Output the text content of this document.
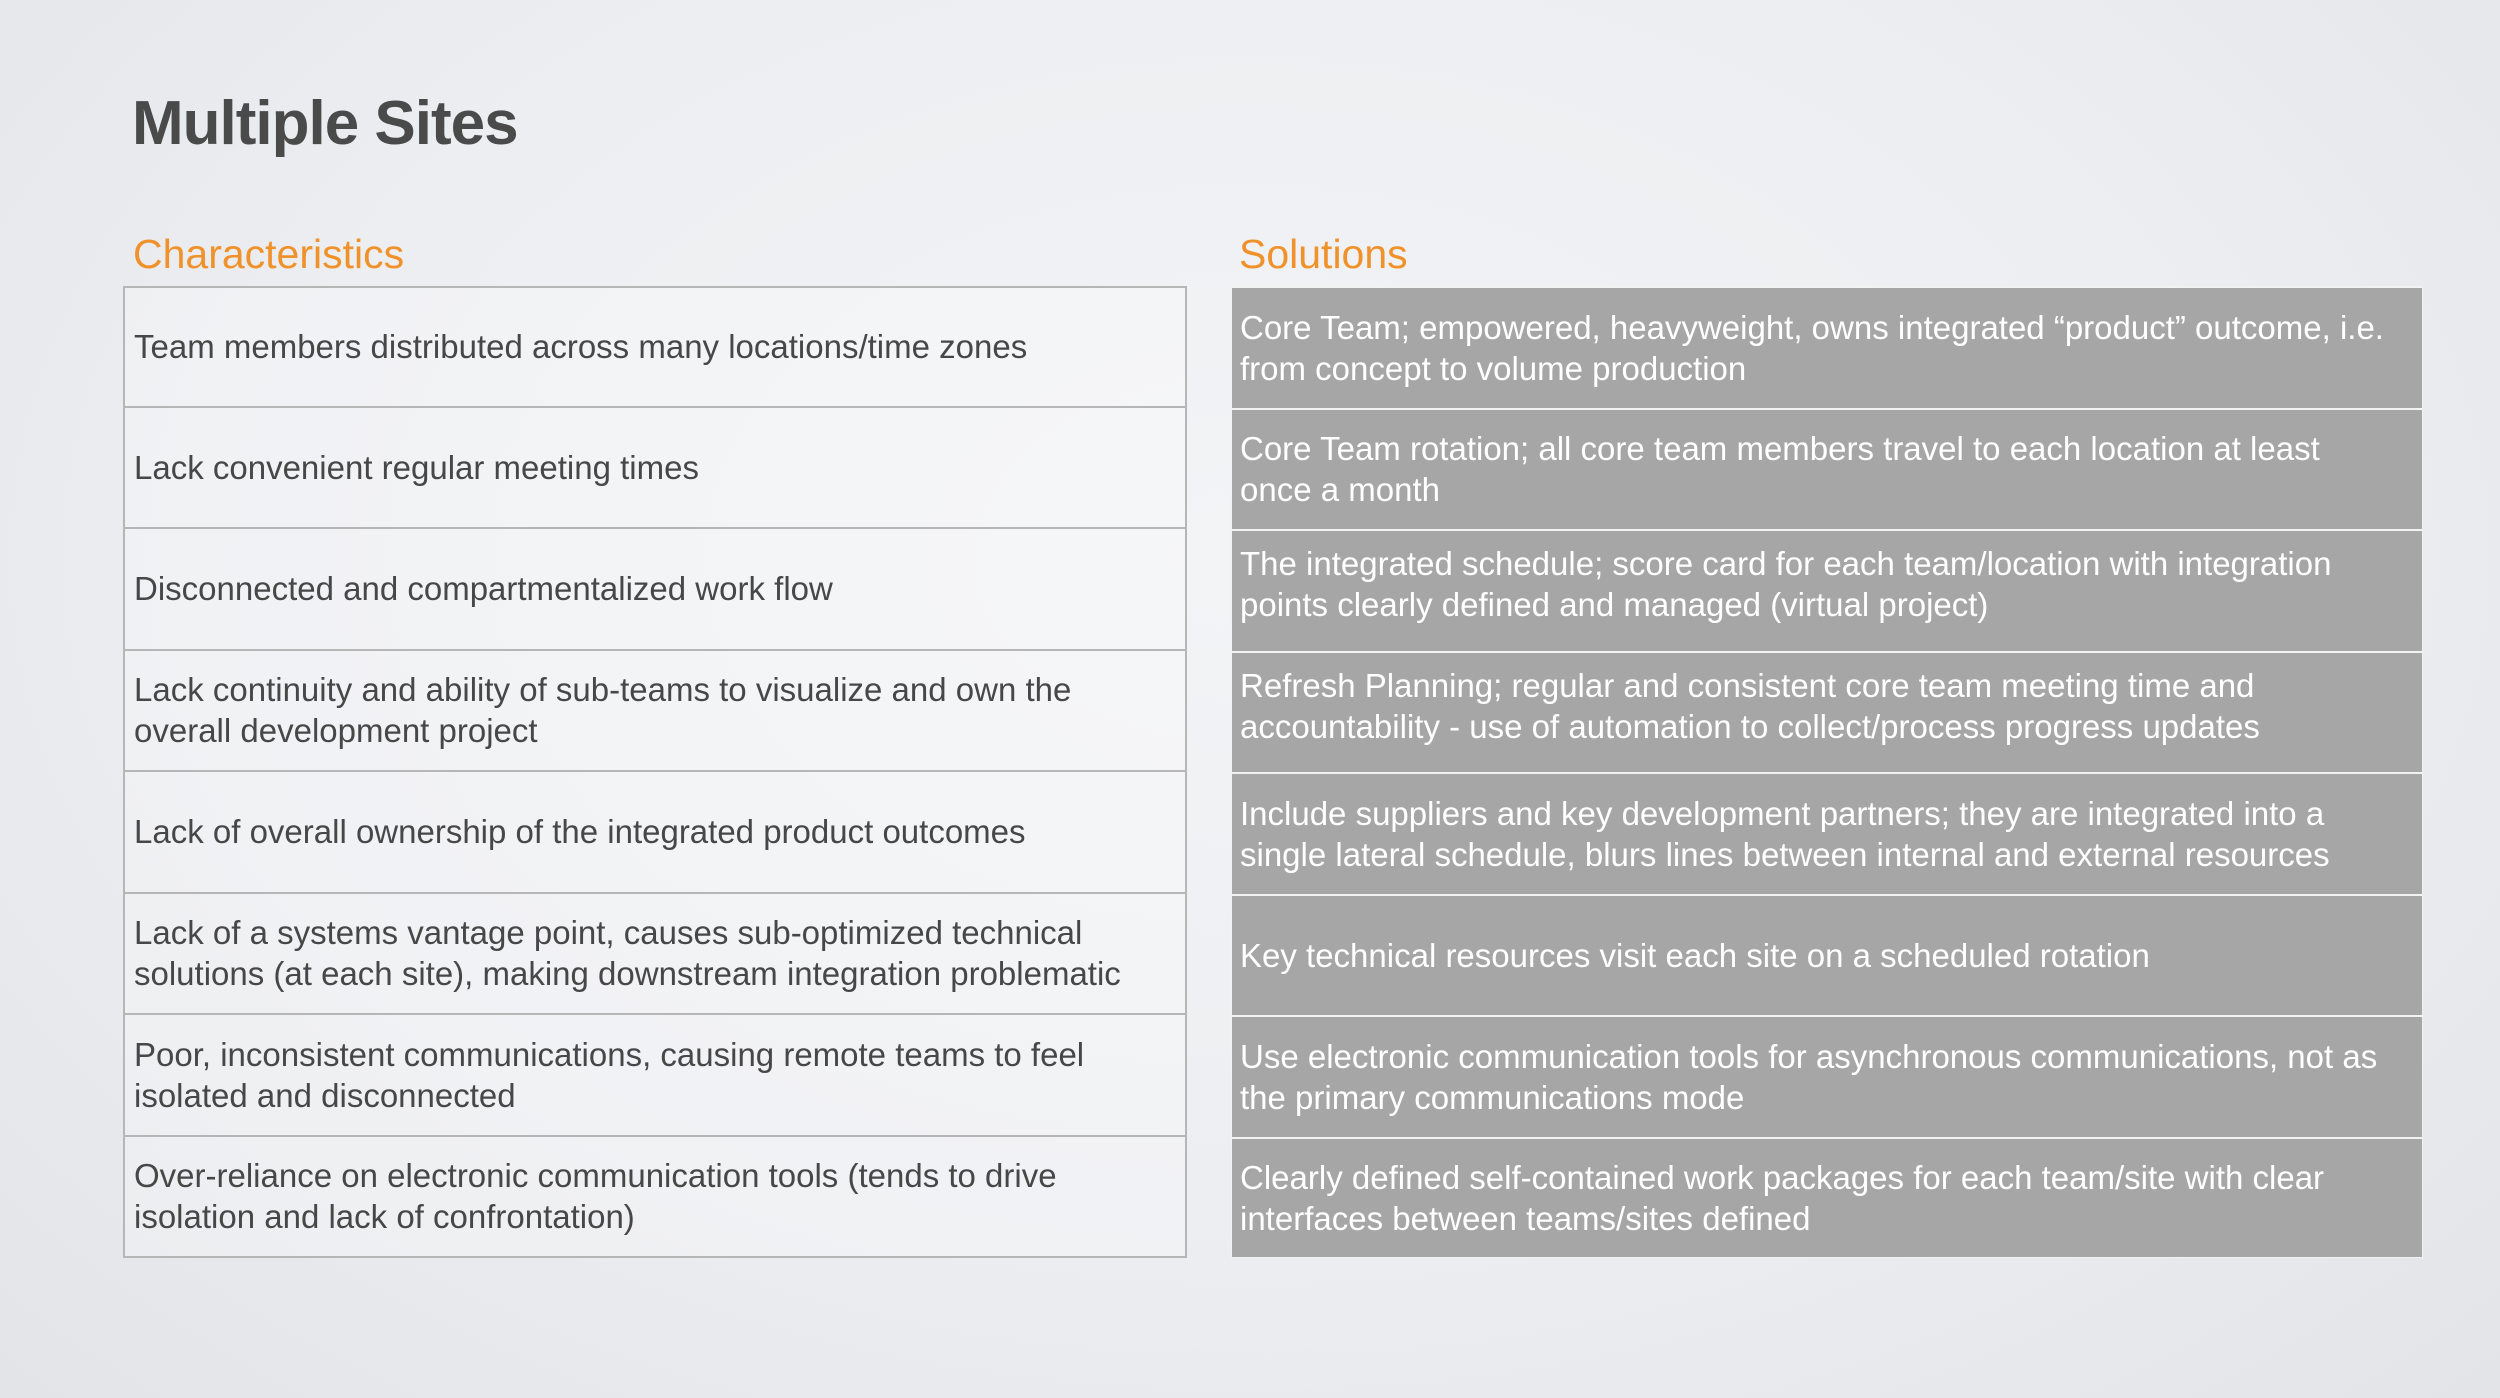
Multiple Sites
Characteristics	Solutions
Team members distributed across many locations/time zones
Lack convenient regular meeting times
Disconnected and compartmentalized work flow
Lack continuity and ability of sub-teams to visualize and own the overall development project
Lack of overall ownership of the integrated product outcomes
Lack of a systems vantage point, causes sub-optimized technical solutions (at each site), making downstream integration problematic
Poor, inconsistent communications, causing remote teams to feel isolated and disconnected
Over-reliance on electronic communication tools (tends to drive isolation and lack of confrontation)
Core Team; empowered, heavyweight, owns integrated “product” outcome, i.e. from concept to volume production
Core Team rotation; all core team members travel to each location at least once a month
The integrated schedule; score card for each team/location with integration points clearly defined and managed (virtual project)
Refresh Planning; regular and consistent core team meeting time and accountability - use of automation to collect/process progress updates
Include suppliers and key development partners; they are integrated into a single lateral schedule, blurs lines between internal and external resources
Key technical resources visit each site on a scheduled rotation
Use electronic communication tools for asynchronous communications, not as the primary communications mode
Clearly defined self-contained work packages for each team/site with clear interfaces between teams/sites defined
